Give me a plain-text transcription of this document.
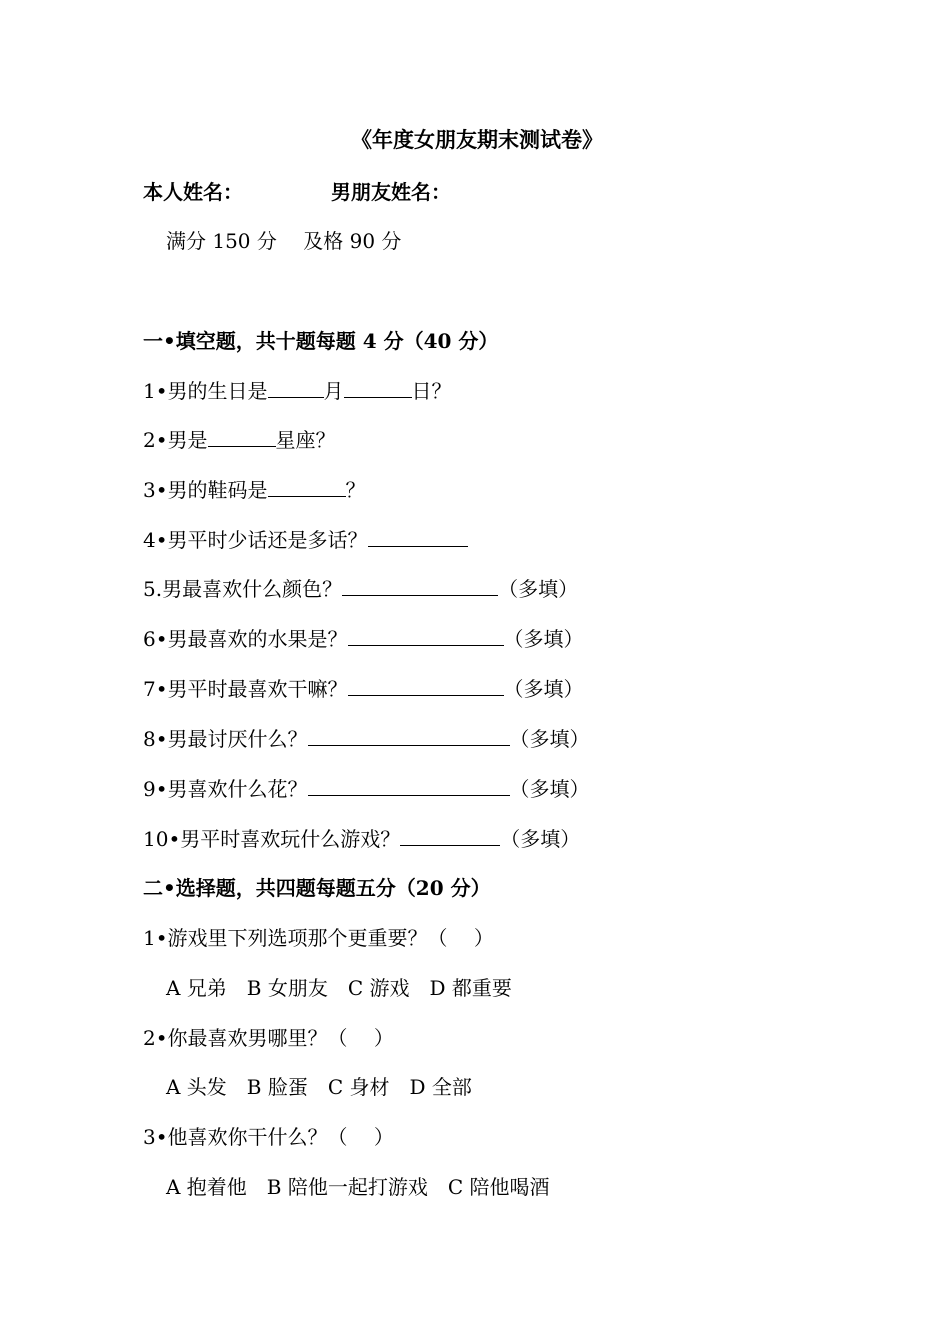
《年度女朋友期末测试卷》
本人姓名：	男朋友姓名：
满分 150 分　 及格 90 分
一•填空题，共十题每题 4 分（40 分）
1•男的生日是	月	日？
2•男是	星座？
3•男的鞋码是	？
4•男平时少话还是多话？
5.男最喜欢什么颜色？	（多填）
6•男最喜欢的水果是？	（多填）
7•男平时最喜欢干嘛？	（多填）
8•男最讨厌什么？	（多填）
9•男喜欢什么花？	（多填）
10•男平时喜欢玩什么游戏？	（多填）
二•选择题，共四题每题五分（20 分）
1•游戏里下列选项那个更重要？（　 ）
A 兄弟　B 女朋友　C 游戏　D 都重要
2•你最喜欢男哪里？（　 ）
A 头发　B 脸蛋　C 身材　D 全部
3•他喜欢你干什么？（　 ）
A 抱着他　B 陪他一起打游戏　C 陪他喝酒
